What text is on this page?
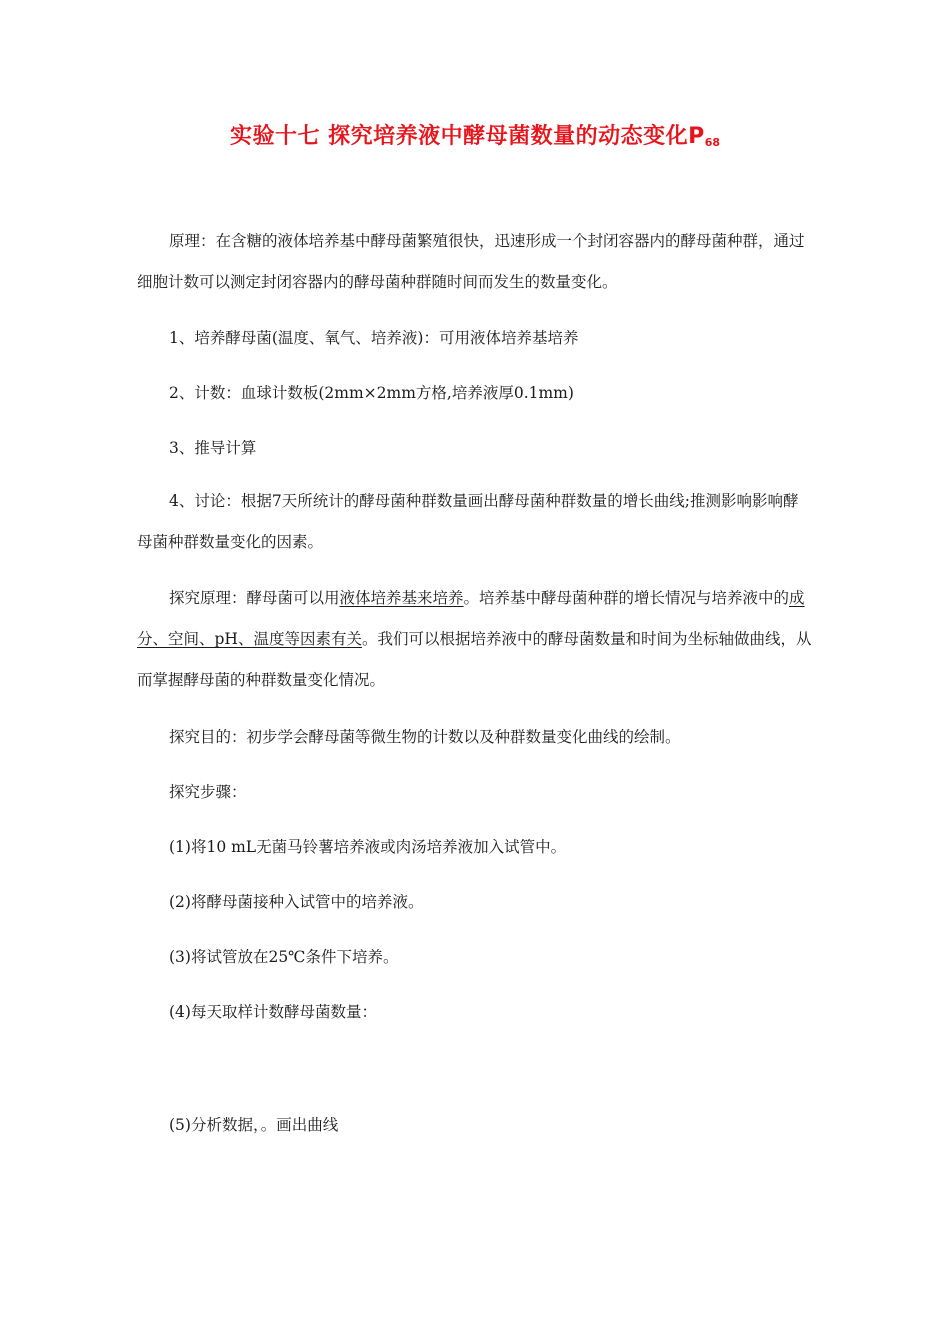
实验十七 探究培养液中酵母菌数量的动态变化$P_{68}$
原理：在含糖的液体培养基中酵母菌繁殖很快，迅速形成一个封闭容器内的酵母菌种群，通过细胞计数可以测定封闭容器内的酵母菌种群随时间而发生的数量变化。
1、培养酵母菌(温度、氧气、培养液)：可用液体培养基培养
2、计数：血球计数板(2mm×2mm方格,培养液厚0.1mm)
3、推导计算
4、讨论：根据7天所统计的酵母菌种群数量画出酵母菌种群数量的增长曲线;推测影响影响酵母菌种群数量变化的因素。
探究原理：酵母菌可以用液体培养基来培养。培养基中酵母菌种群的增长情况与培养液中的成分、空间、pH、温度等因素有关。我们可以根据培养液中的酵母菌数量和时间为坐标轴做曲线，从而掌握酵母菌的种群数量变化情况。
探究目的：初步学会酵母菌等微生物的计数以及种群数量变化曲线的绘制。
探究步骤：
(1)将10 mL无菌马铃薯培养液或肉汤培养液加入试管中。
(2)将酵母菌接种入试管中的培养液。
(3)将试管放在25℃条件下培养。
(4)每天取样计数酵母菌数量：
(5)分析数据，。画出曲线
